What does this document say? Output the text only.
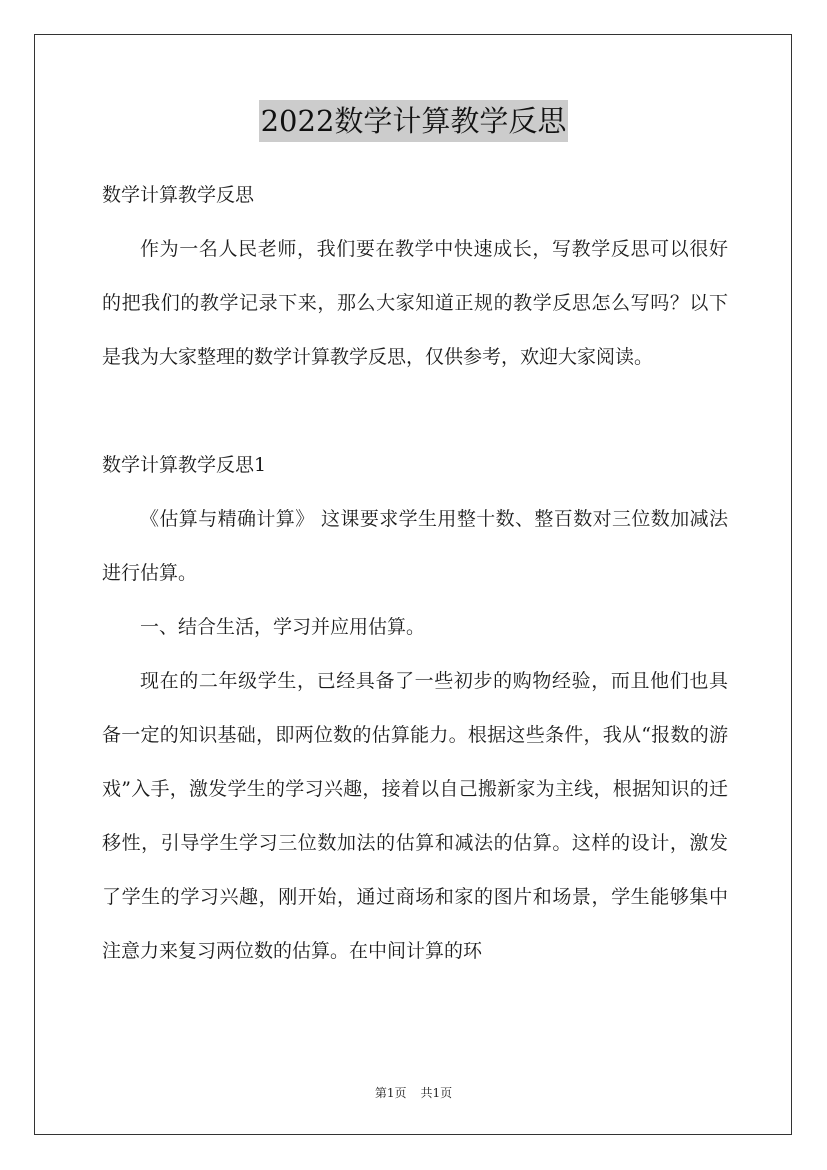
2022数学计算教学反思

数学计算教学反思

作为一名人民老师，我们要在教学中快速成长，写教学反思可以很好的把我们的教学记录下来，那么大家知道正规的教学反思怎么写吗？以下是我为大家整理的数学计算教学反思，仅供参考，欢迎大家阅读。

数学计算教学反思1

《估算与精确计算》 这课要求学生用整十数、整百数对三位数加减法进行估算。

一、结合生活，学习并应用估算。

现在的二年级学生，已经具备了一些初步的购物经验，而且他们也具备一定的知识基础，即两位数的估算能力。根据这些条件，我从“报数的游戏”入手，激发学生的学习兴趣，接着以自己搬新家为主线，根据知识的迁移性，引导学生学习三位数加法的估算和减法的估算。这样的设计，激发了学生的学习兴趣，刚开始，通过商场和家的图片和场景，学生能够集中注意力来复习两位数的估算。在中间计算的环

第1页 共1页
